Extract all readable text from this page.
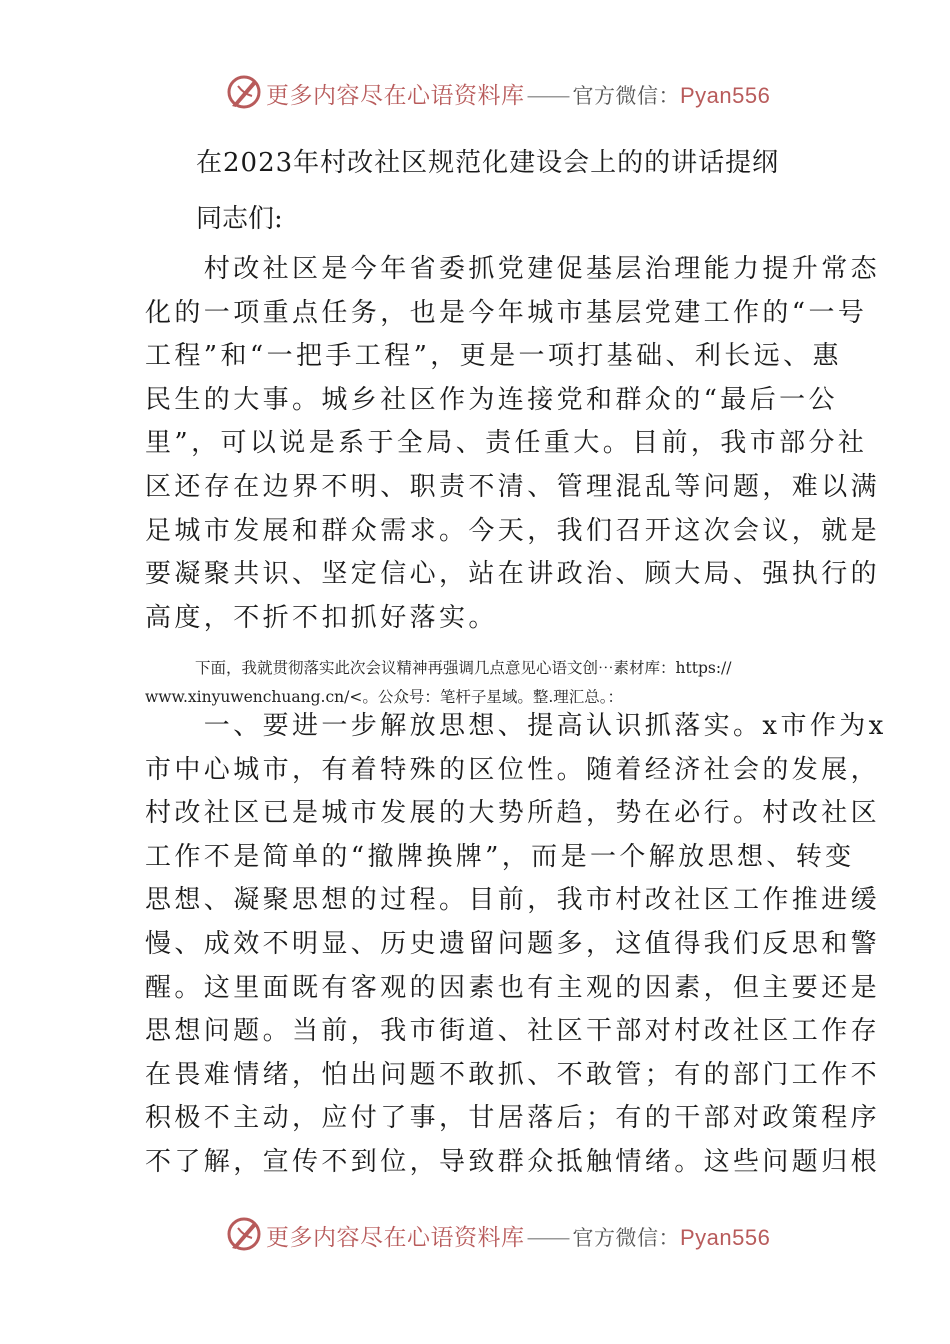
更多内容尽在心语资料库—— 官方微信：Pyan556
在2023年村改社区规范化建设会上的的讲话提纲
同志们:
　　村改社区是今年省委抓党建促基层治理能力提升常态
化的一项重点任务，也是今年城市基层党建工作的“一号
工程”和“一把手工程”，更是一项打基础、利长远、惠
民生的大事。城乡社区作为连接党和群众的“最后一公
里”，可以说是系于全局、责任重大。目前，我市部分社
区还存在边界不明、职责不清、管理混乱等问题，难以满
足城市发展和群众需求。今天，我们召开这次会议，就是
要凝聚共识、坚定信心，站在讲政治、顾大局、强执行的
高度，不折不扣抓好落实。
下面，我就贯彻落实此次会议精神再强调几点意见心语文创⋯素材库：https://
www.xinyuwenchuang.cn/<。公众号：笔杆子星域。整.理汇总。：
　　一、要进一步解放思想、提高认识抓落实。x市作为x
市中心城市，有着特殊的区位性。随着经济社会的发展，
村改社区已是城市发展的大势所趋，势在必行。村改社区
工作不是简单的“撤牌换牌”，而是一个解放思想、转变
思想、凝聚思想的过程。目前，我市村改社区工作推进缓
慢、成效不明显、历史遗留问题多，这值得我们反思和警
醒。这里面既有客观的因素也有主观的因素，但主要还是
思想问题。当前，我市街道、社区干部对村改社区工作存
在畏难情绪，怕出问题不敢抓、不敢管；有的部门工作不
积极不主动，应付了事，甘居落后；有的干部对政策程序
不了解，宣传不到位，导致群众抵触情绪。这些问题归根
更多内容尽在心语资料库—— 官方微信：Pyan556
